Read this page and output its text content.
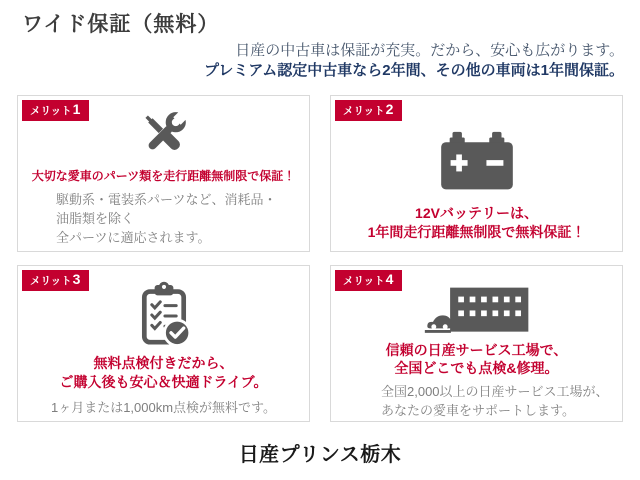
ワイド保証（無料）
日産の中古車は保証が充実。だから、安心も広がります。
プレミアム認定中古車なら2年間、その他の車両は1年間保証。
メリット 1
大切な愛車のパーツ類を走行距離無制限で保証！
駆動系・電装系パーツなど、消耗品・
油脂類を除く
全パーツに適応されます。
メリット 2
12Vバッテリーは、
1年間走行距離無制限で無料保証！
メリット 3
無料点検付きだから、
ご購入後も安心＆快適ドライブ。
1ヶ月または1,000km点検が無料です。
メリット 4
信頼の日産サービス工場で、
全国どこでも点検&修理。
全国2,000以上の日産サービス工場が、
あなたの愛車をサポートします。
日産プリンス栃木
